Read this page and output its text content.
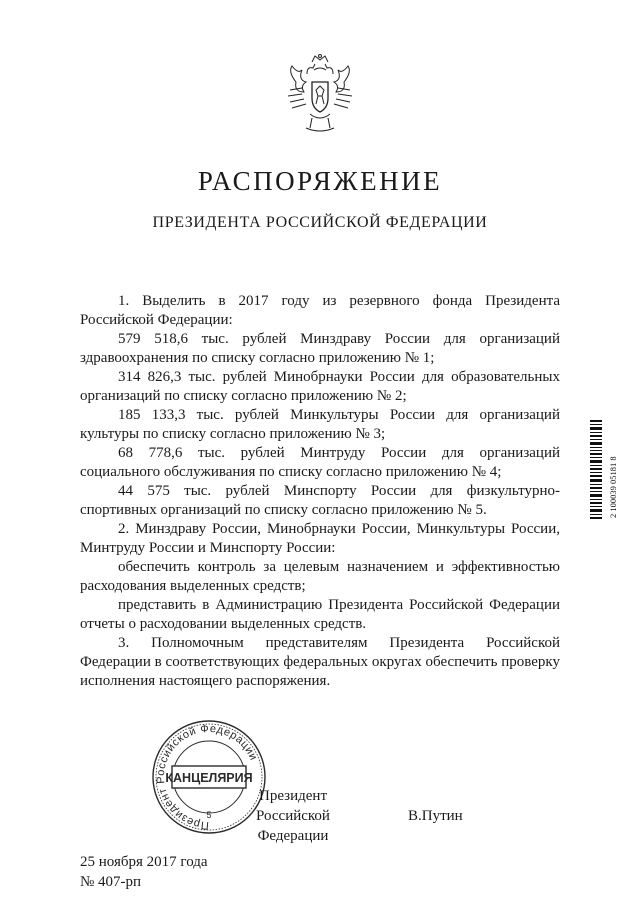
РАСПОРЯЖЕНИЕ
ПРЕЗИДЕНТА РОССИЙСКОЙ ФЕДЕРАЦИИ

1. Выделить в 2017 году из резервного фонда Президента Российской Федерации:

579 518,6 тыс. рублей Минздраву России для организаций здравоохранения по списку согласно приложению № 1;

314 826,3 тыс. рублей Минобрнауки России для образовательных организаций по списку согласно приложению № 2;

185 133,3 тыс. рублей Минкультуры России для организаций культуры по списку согласно приложению № 3;

68 778,6 тыс. рублей Минтруду России для организаций социального обслуживания по списку согласно приложению № 4;

44 575 тыс. рублей Минспорту России для физкультурно-спортивных организаций по списку согласно приложению № 5.

2. Минздраву России, Минобрнауки России, Минкультуры России, Минтруду России и Минспорту России:

обеспечить контроль за целевым назначением и эффективностью расходования выделенных средств;

представить в Администрацию Президента Российской Федерации отчеты о расходовании выделенных средств.

3. Полномочным представителям Президента Российской Федерации в соответствующих федеральных округах обеспечить проверку исполнения настоящего распоряжения.

2 100039 05181 8
Президент Российской Федерации
КАНЦЕЛЯРИЯ
5
Президент Российской Федерации
В.Путин
25 ноября 2017 года
№ 407-рп
